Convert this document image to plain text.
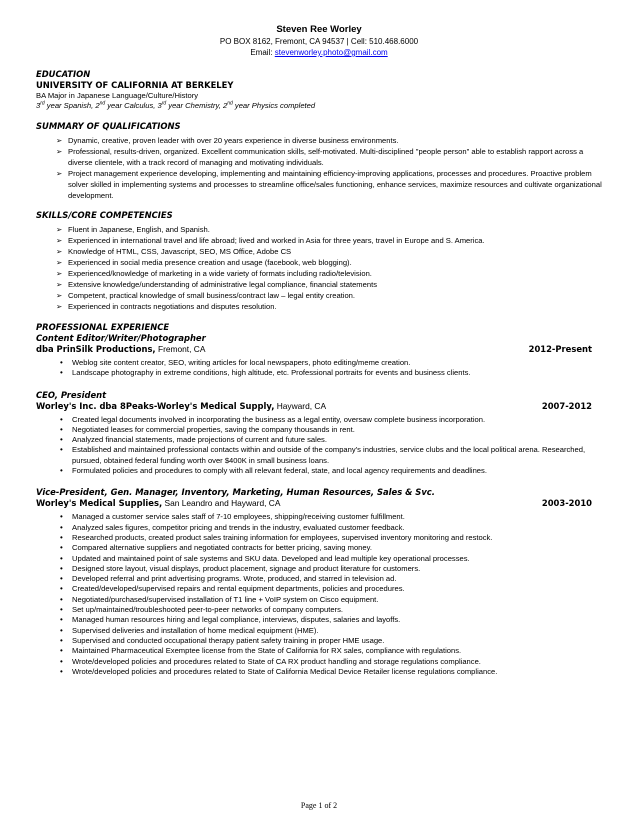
Steven Ree Worley
PO BOX 8162, Fremont, CA 94537 | Cell: 510.468.6000
Email: stevenworley.photo@gmail.com
EDUCATION
UNIVERSITY OF CALIFORNIA AT BERKELEY
BA Major in Japanese Language/Culture/History
3rd year Spanish, 2nd year Calculus, 3rd year Chemistry, 2nd year Physics completed
SUMMARY OF QUALIFICATIONS
➢ Dynamic, creative, proven leader with over 20 years experience in diverse business environments.
➢ Professional, results-driven, organized. Excellent communication skills, self-motivated. Multi-disciplined "people person" able to establish rapport across a diverse clientele, with a track record of managing and motivating individuals.
➢ Project management experience developing, implementing and maintaining efficiency-improving applications, processes and procedures. Proactive problem solver skilled in implementing systems and processes to streamline office/sales functioning, enhance services, maximize resources and cultivate organizational development.
SKILLS/CORE COMPETENCIES
➢ Fluent in Japanese, English, and Spanish.
➢ Experienced in international travel and life abroad; lived and worked in Asia for three years, travel in Europe and S. America.
➢ Knowledge of HTML, CSS, Javascript, SEO, MS Office, Adobe CS
➢ Experienced in social media presence creation and usage (facebook, web blogging).
➢ Experienced/knowledge of marketing in a wide variety of formats including radio/television.
➢ Extensive knowledge/understanding of administrative legal compliance, financial statements
➢ Competent, practical knowledge of small business/contract law – legal entity creation.
➢ Experienced in contracts negotiations and disputes resolution.
PROFESSIONAL EXPERIENCE
Content Editor/Writer/Photographer
dba PrinSilk Productions, Fremont, CA	2012-Present
• Weblog site content creator, SEO, writing articles for local newspapers, photo editing/meme creation.
• Landscape photography in extreme conditions, high altitude, etc. Professional portraits for events and business clients.
CEO, President
Worley's Inc. dba 8Peaks-Worley's Medical Supply, Hayward, CA	2007-2012
• Created legal documents involved in incorporating the business as a legal entity, oversaw complete business incorporation.
• Negotiated leases for commercial properties, saving the company thousands in rent.
• Analyzed financial statements, made projections of current and future sales.
• Established and maintained professional contacts within and outside of the company's industries, service clubs and the local political arena. Researched, pursued, obtained federal funding worth over $400K in small business loans.
• Formulated policies and procedures to comply with all relevant federal, state, and local agency requirements and deadlines.
Vice-President, Gen. Manager, Inventory, Marketing, Human Resources, Sales & Svc.
Worley's Medical Supplies, San Leandro and Hayward, CA	2003-2010
• Managed a customer service sales staff of 7-10 employees, shipping/receiving customer fulfillment.
• Analyzed sales figures, competitor pricing and trends in the industry, evaluated customer feedback.
• Researched products, created product sales training information for employees, supervised inventory monitoring and restock.
• Compared alternative suppliers and negotiated contracts for better pricing, saving money.
• Updated and maintained point of sale systems and SKU data. Developed and lead multiple key operational processes.
• Designed store layout, visual displays, product placement, signage and product literature for customers.
• Developed referral and print advertising programs. Wrote, produced, and starred in television ad.
• Created/developed/supervised repairs and rental equipment departments, policies and procedures.
• Negotiated/purchased/supervised installation of T1 line + VoIP system on Cisco equipment.
• Set up/maintained/troubleshooted peer-to-peer networks of company computers.
• Managed human resources hiring and legal compliance, interviews, disputes, salaries and layoffs.
• Supervised deliveries and installation of home medical equipment (HME).
• Supervised and conducted occupational therapy patient safety training in proper HME usage.
• Maintained Pharmaceutical Exemptee license from the State of California for RX sales, compliance with regulations.
• Wrote/developed policies and procedures related to State of CA RX product handling and storage regulations compliance.
• Wrote/developed policies and procedures related to State of California Medical Device Retailer license regulations compliance.
Page 1 of 2
